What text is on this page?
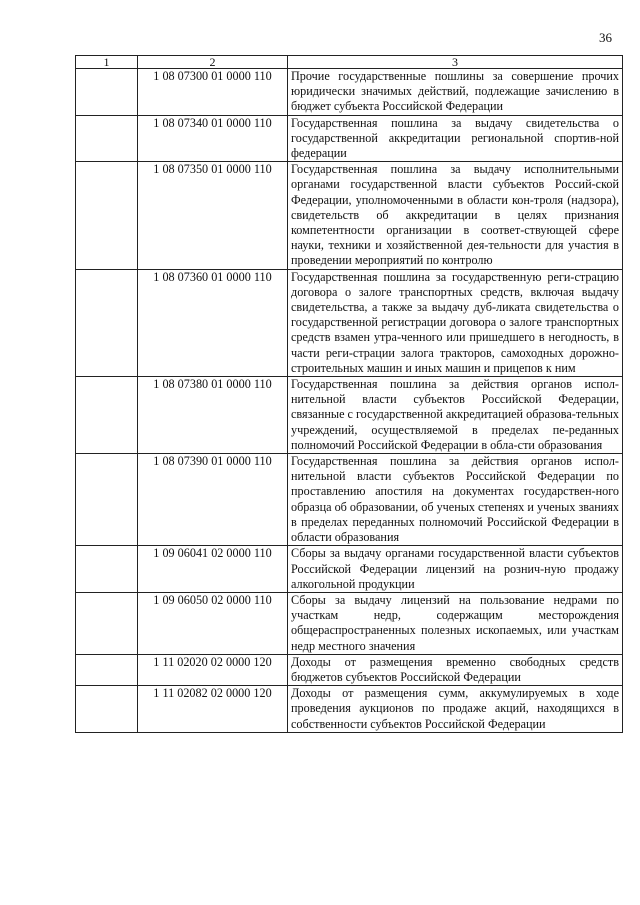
36
1	2	3
	1 08 07300 01 0000 110	Прочие государственные пошлины за совершение прочих юридически значимых действий, подлежащие зачислению в бюджет субъекта Российской Федерации
	1 08 07340 01 0000 110	Государственная пошлина за выдачу свидетельства о государственной аккредитации региональной спортив-ной федерации
	1 08 07350 01 0000 110	Государственная пошлина за выдачу исполнительными органами государственной власти субъектов Россий-ской Федерации, уполномоченными в области кон-троля (надзора), свидетельств об аккредитации в целях признания компетентности организации в соответ-ствующей сфере науки, техники и хозяйственной дея-тельности для участия в проведении мероприятий по контролю
	1 08 07360 01 0000 110	Государственная пошлина за государственную реги-страцию договора о залоге транспортных средств, включая выдачу свидетельства, а также за выдачу дуб-ликата свидетельства о государственной регистрации договора о залоге транспортных средств взамен утра-ченного или пришедшего в негодность, в части реги-страции залога тракторов, самоходных дорожно-строительных машин и иных машин и прицепов к ним
	1 08 07380 01 0000 110	Государственная пошлина за действия органов испол-нительной власти субъектов Российской Федерации, связанные с государственной аккредитацией образова-тельных учреждений, осуществляемой в пределах пе-реданных полномочий Российской Федерации в обла-сти образования
	1 08 07390 01 0000 110	Государственная пошлина за действия органов испол-нительной власти субъектов Российской Федерации по проставлению апостиля на документах государствен-ного образца об образовании, об ученых степенях и ученых званиях в пределах переданных полномочий Российской Федерации в области образования
	1 09 06041 02 0000 110	Сборы за выдачу органами государственной власти субъектов Российской Федерации лицензий на рознич-ную продажу алкогольной продукции
	1 09 06050 02 0000 110	Сборы за выдачу лицензий на пользование недрами по участкам недр, содержащим месторождения общераспространенных полезных ископаемых, или участкам недр местного значения
	1 11 02020 02 0000 120	Доходы от размещения временно свободных средств бюджетов субъектов Российской Федерации
	1 11 02082 02 0000 120	Доходы от размещения сумм, аккумулируемых в ходе проведения аукционов по продаже акций, находящихся в собственности субъектов Российской Федерации
